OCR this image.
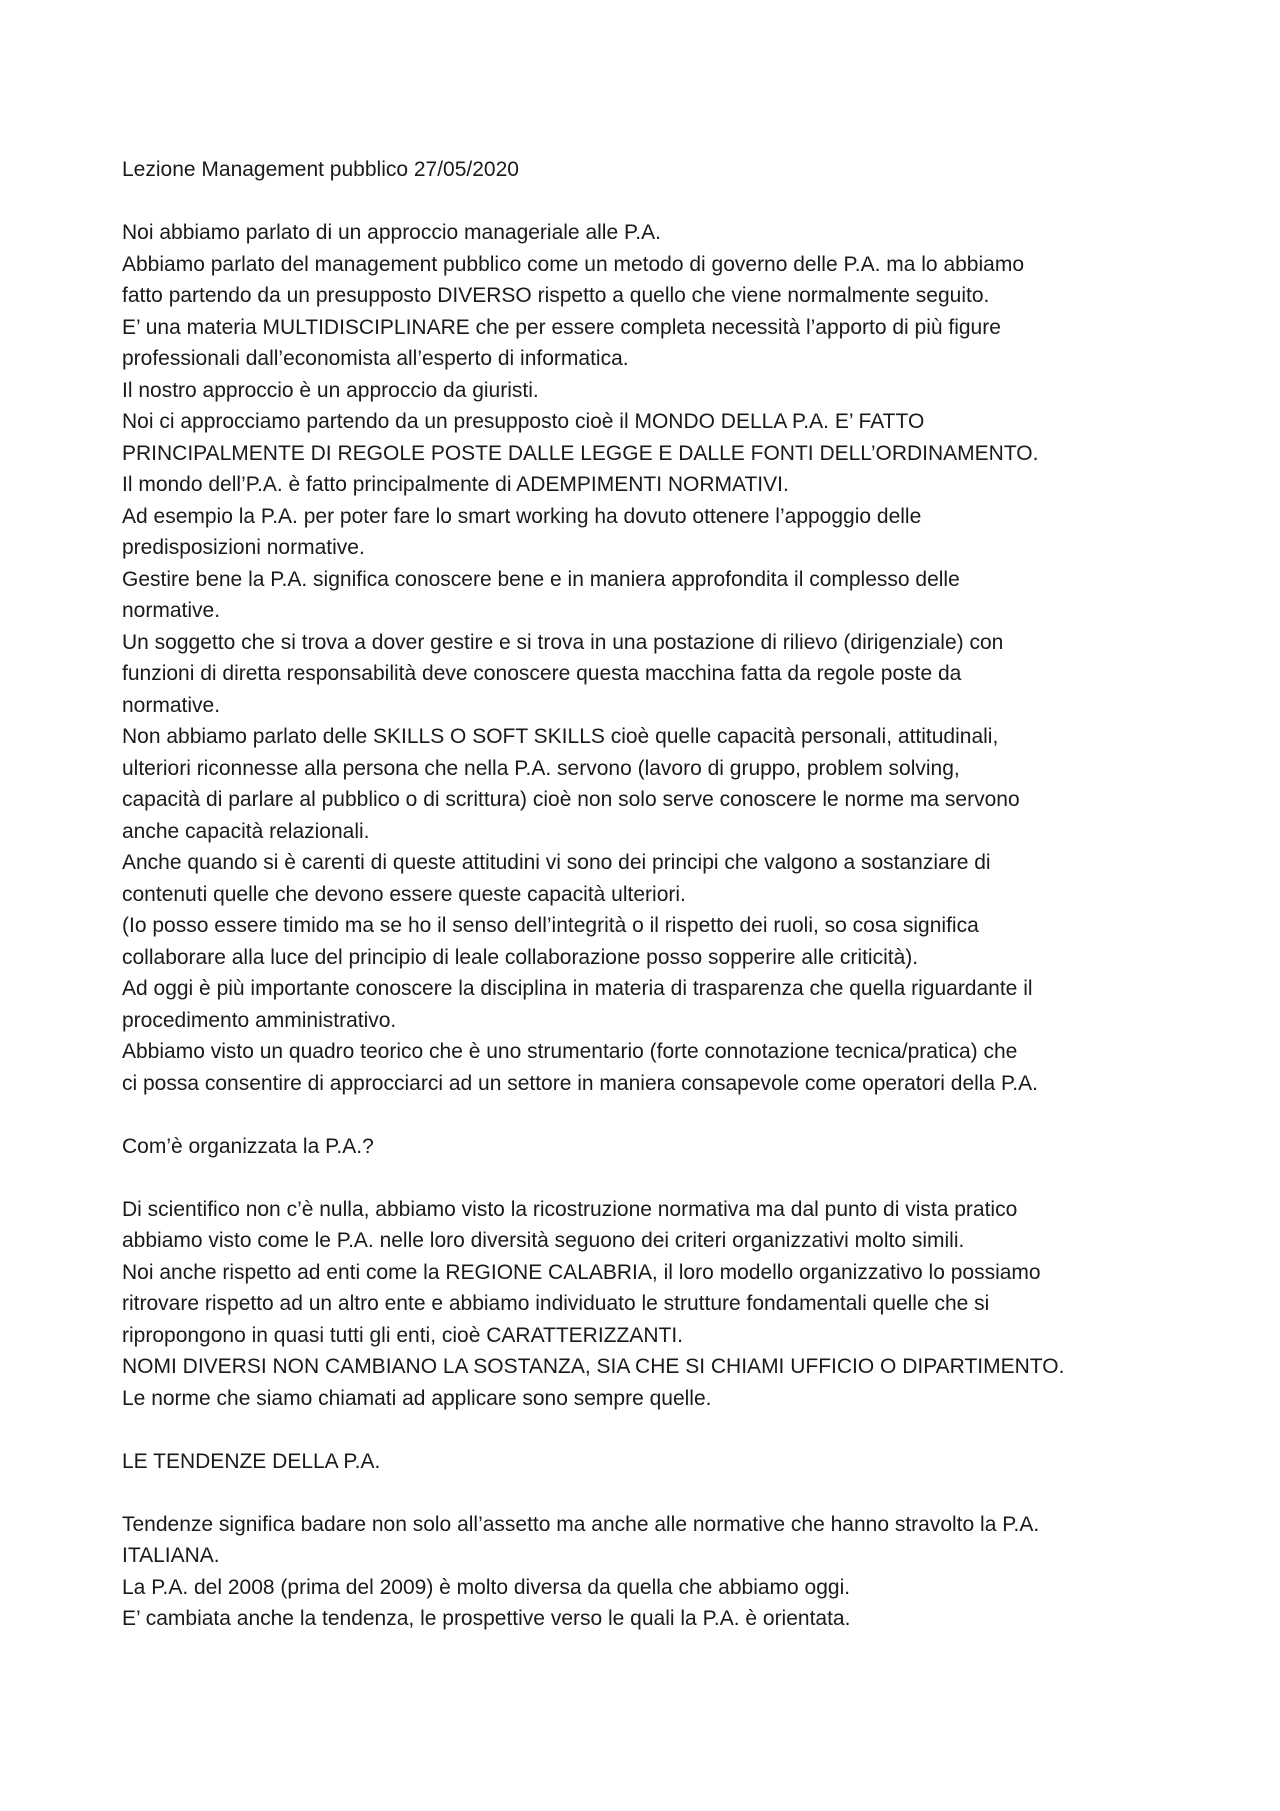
Lezione Management pubblico 27/05/2020
Noi abbiamo parlato di un approccio manageriale alle P.A.
Abbiamo parlato del management pubblico come un metodo di governo delle P.A. ma lo abbiamo
fatto partendo da un presupposto DIVERSO rispetto a quello che viene normalmente seguito.
E’ una materia MULTIDISCIPLINARE che per essere completa necessità l’apporto di più figure
professionali dall’economista all’esperto di informatica.
Il nostro approccio è un approccio da giuristi.
Noi ci approcciamo partendo da un presupposto cioè il MONDO DELLA P.A. E’ FATTO
PRINCIPALMENTE DI REGOLE POSTE DALLE LEGGE E DALLE FONTI DELL’ORDINAMENTO.
Il mondo dell’P.A. è fatto principalmente di ADEMPIMENTI NORMATIVI.
Ad esempio la P.A. per poter fare lo smart working ha dovuto ottenere l’appoggio delle
predisposizioni normative.
Gestire bene la P.A. significa conoscere bene e in maniera approfondita il complesso delle
normative.
Un soggetto che si trova a dover gestire e si trova in una postazione di rilievo (dirigenziale) con
funzioni di diretta responsabilità deve conoscere questa macchina fatta da regole poste da
normative.
Non abbiamo parlato delle SKILLS O SOFT SKILLS cioè quelle capacità personali, attitudinali,
ulteriori riconnesse alla persona che nella P.A. servono (lavoro di gruppo, problem solving,
capacità di parlare al pubblico o di scrittura) cioè non solo serve conoscere le norme ma servono
anche capacità relazionali.
Anche quando si è carenti di queste attitudini vi sono dei principi che valgono a sostanziare di
contenuti quelle che devono essere queste capacità ulteriori.
(Io posso essere timido ma se ho il senso dell’integrità o il rispetto dei ruoli, so cosa significa
collaborare alla luce del principio di leale collaborazione posso sopperire alle criticità).
Ad oggi è più importante conoscere la disciplina in materia di trasparenza che quella riguardante il
procedimento amministrativo.
Abbiamo visto un quadro teorico che è uno strumentario (forte connotazione tecnica/pratica) che
ci possa consentire di approcciarci ad un settore in maniera consapevole come operatori della P.A.
Com’è organizzata la P.A.?
Di scientifico non c’è nulla, abbiamo visto la ricostruzione normativa ma dal punto di vista pratico
abbiamo visto come le P.A. nelle loro diversità seguono dei criteri organizzativi molto simili.
Noi anche rispetto ad enti come la REGIONE CALABRIA, il loro modello organizzativo lo possiamo
ritrovare rispetto ad un altro ente e abbiamo individuato le strutture fondamentali quelle che si
ripropongono in quasi tutti gli enti, cioè CARATTERIZZANTI.
NOMI DIVERSI NON CAMBIANO LA SOSTANZA, SIA CHE SI CHIAMI UFFICIO O DIPARTIMENTO.
Le norme che siamo chiamati ad applicare sono sempre quelle.
LE TENDENZE DELLA P.A.
Tendenze significa badare non solo all’assetto ma anche alle normative che hanno stravolto la P.A.
ITALIANA.
La P.A. del 2008 (prima del 2009) è molto diversa da quella che abbiamo oggi.
E’ cambiata anche la tendenza, le prospettive verso le quali la P.A. è orientata.
